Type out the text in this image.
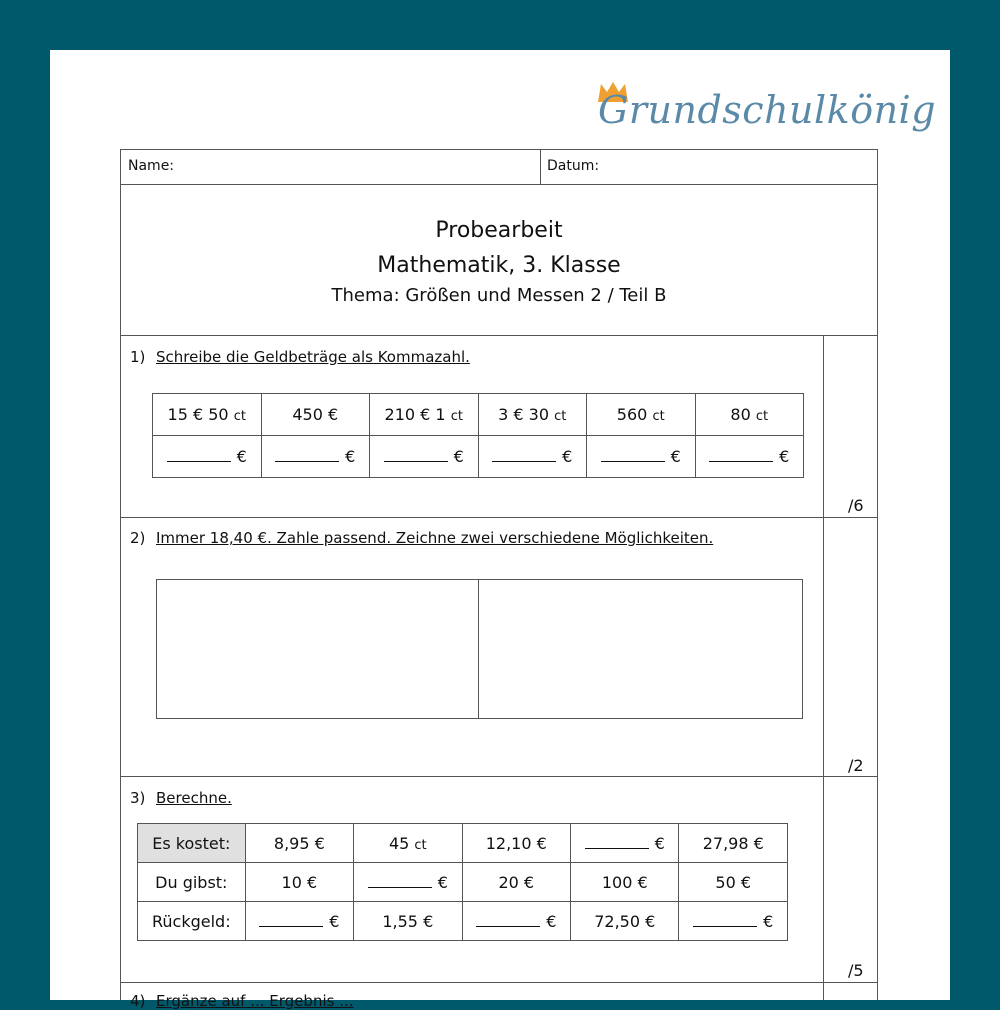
Grundschulkönig
Name:	Datum:
Probearbeit
Mathematik, 3. Klasse
Thema: Größen und Messen 2 / Teil B
1) Schreibe die Geldbeträge als Kommazahl.
15 € 50 ct	450 €	210 € 1 ct	3 € 30 ct	560 ct	80 ct
€	€	€	€	€	€
/6
2) Immer 18,40 €. Zahle passend. Zeichne zwei verschiedene Möglichkeiten.
/2
3) Berechne.
Es kostet:	8,95 €	45 ct	12,10 €	€	27,98 €
Du gibst:	10 €	€	20 €	100 €	50 €
Rückgeld:	€	1,55 €	€	72,50 €	€
/5
4) Ergänze auf ... Ergebnis ...
